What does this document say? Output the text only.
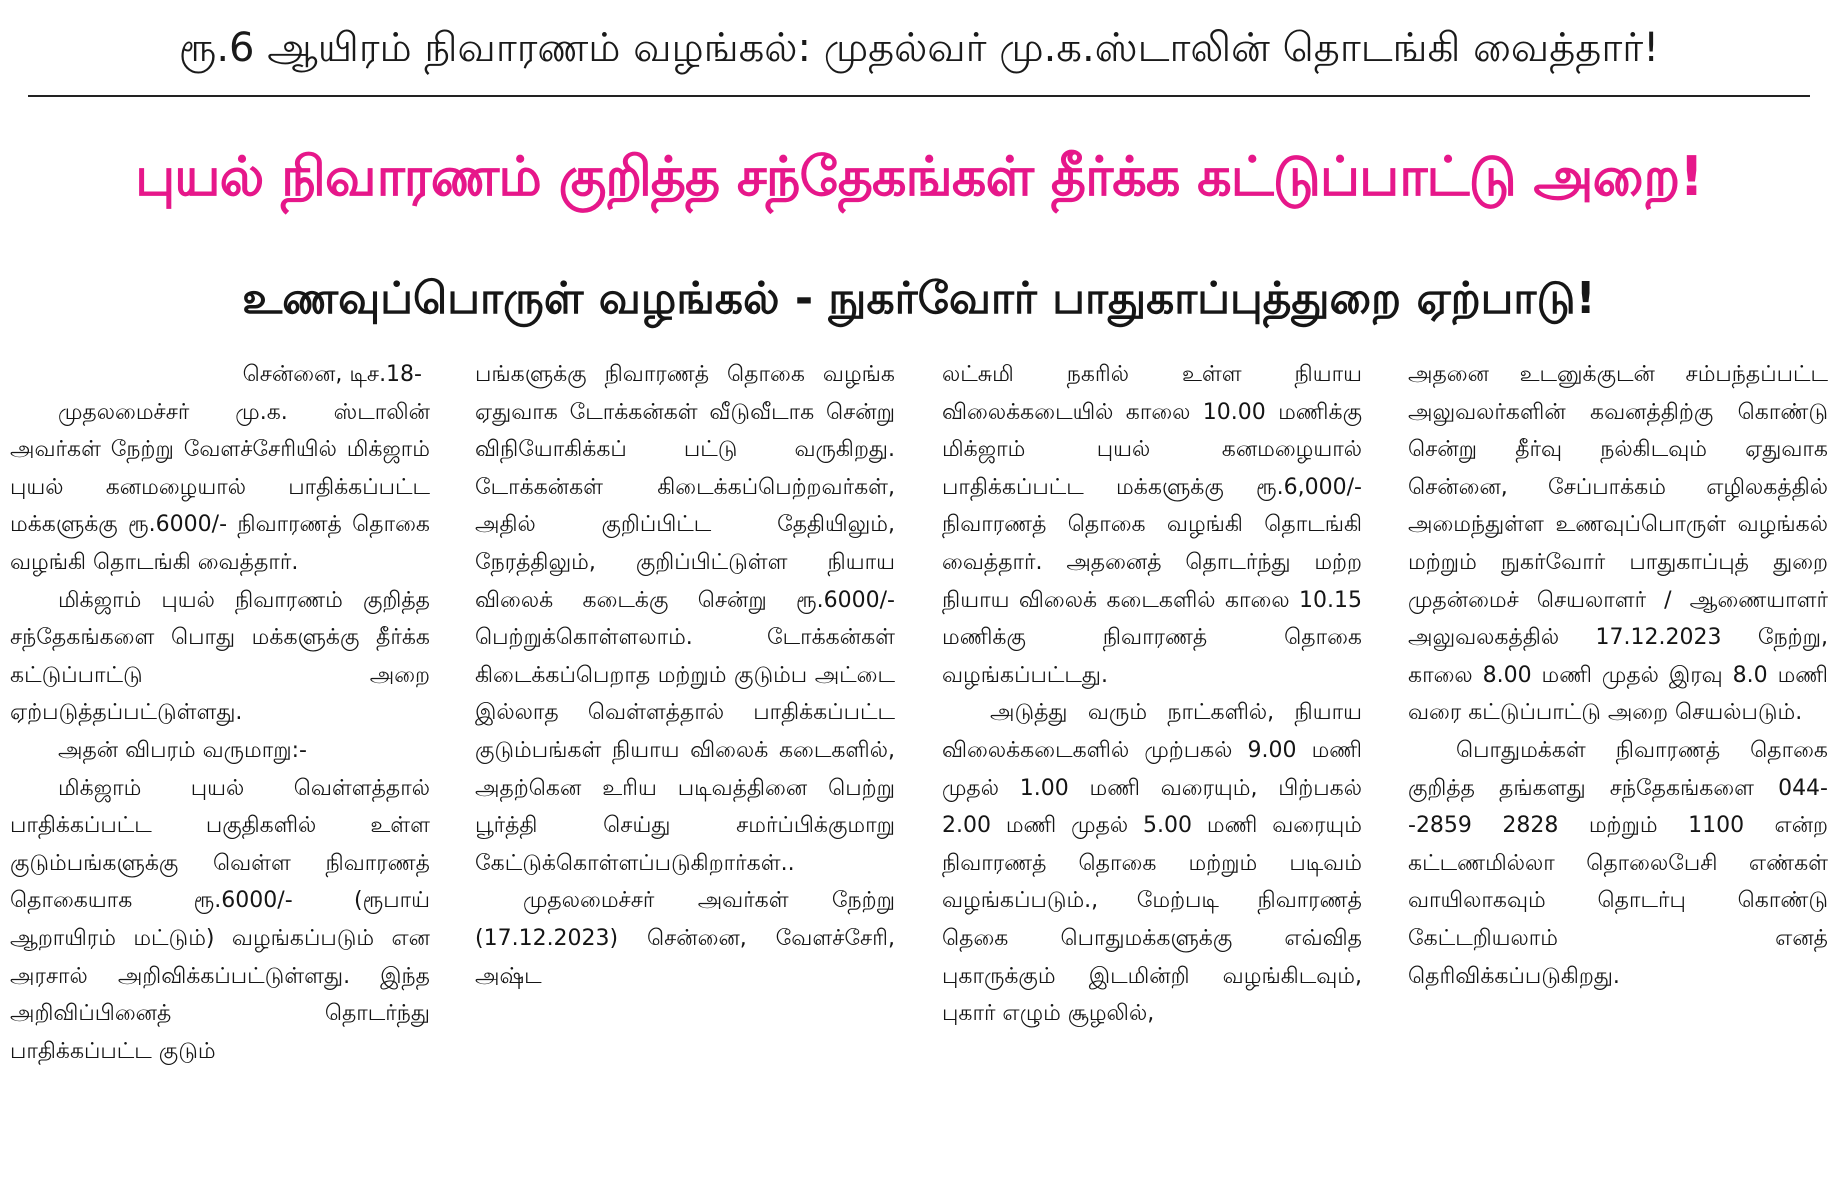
ரூ.6 ஆயிரம் நிவாரணம் வழங்கல்: முதல்வர் மு.க.ஸ்டாலின் தொடங்கி வைத்தார்!
புயல் நிவாரணம் குறித்த சந்தேகங்கள் தீர்க்க கட்டுப்பாட்டு அறை!
உணவுப்பொருள் வழங்கல் - நுகர்வோர் பாதுகாப்புத்துறை ஏற்பாடு!

சென்னை, டிச.18-

முதலமைச்சர் மு.க. ஸ்டாலின் அவர்கள் நேற்று வேளச்சேரியில் மிக்ஜாம் புயல் கனமழையால் பாதிக்கப்பட்ட மக்களுக்கு ரூ.6000/- நிவாரணத் தொகை வழங்கி தொடங்கி வைத்தார்.

மிக்ஜாம் புயல் நிவாரணம் குறித்த சந்தேகங்களை பொது மக்களுக்கு தீர்க்க கட்டுப்பாட்டு அறை ஏற்படுத்தப்பட்டுள்ளது.

அதன் விபரம் வருமாறு:-

மிக்ஜாம் புயல் வெள்ளத்தால் பாதிக்கப்பட்ட பகுதிகளில் உள்ள குடும்பங்களுக்கு வெள்ள நிவாரணத் தொகையாக ரூ.6000/- (ரூபாய் ஆறாயிரம் மட்டும்) வழங்கப்படும் என அரசால் அறிவிக்கப்பட்டுள்ளது. இந்த அறிவிப்பினைத் தொடர்ந்து பாதிக்கப்பட்ட குடும்

பங்களுக்கு நிவாரணத் தொகை வழங்க ஏதுவாக டோக்கன்கள் வீடுவீடாக சென்று விநியோகிக்கப் பட்டு வருகிறது. டோக்கன்கள் கிடைக்கப்பெற்றவர்கள், அதில் குறிப்பிட்ட தேதியிலும், நேரத்திலும், குறிப்பிட்டுள்ள நியாய விலைக் கடைக்கு சென்று ரூ.6000/- பெற்றுக்கொள்ளலாம். டோக்கன்கள் கிடைக்கப்பெறாத மற்றும் குடும்ப அட்டை இல்லாத வெள்ளத்தால் பாதிக்கப்பட்ட குடும்பங்கள் நியாய விலைக் கடைகளில், அதற்கென உரிய படிவத்தினை பெற்று பூர்த்தி செய்து சமர்ப்பிக்குமாறு கேட்டுக்கொள்ளப்படுகிறார்கள்..

முதலமைச்சர் அவர்கள் நேற்று (17.12.2023) சென்னை, வேளச்சேரி, அஷ்ட

லட்சுமி நகரில் உள்ள நியாய விலைக்கடையில் காலை 10.00 மணிக்கு மிக்ஜாம் புயல் கனமழையால் பாதிக்கப்பட்ட மக்களுக்கு ரூ.6,000/- நிவாரணத் தொகை வழங்கி தொடங்கி வைத்தார். அதனைத் தொடர்ந்து மற்ற நியாய விலைக் கடைகளில் காலை 10.15 மணிக்கு நிவாரணத் தொகை வழங்கப்பட்டது.

அடுத்து வரும் நாட்களில், நியாய விலைக்கடைகளில் முற்பகல் 9.00 மணி முதல் 1.00 மணி வரையும், பிற்பகல் 2.00 மணி முதல் 5.00 மணி வரையும் நிவாரணத் தொகை மற்றும் படிவம் வழங்கப்படும்., மேற்படி நிவாரணத் தெகை பொதுமக்களுக்கு எவ்வித புகாருக்கும் இடமின்றி வழங்கிடவும், புகார் எழும் சூழலில்,

அதனை உடனுக்குடன் சம்பந்தப்பட்ட அலுவலர்களின் கவனத்திற்கு கொண்டு சென்று தீர்வு நல்கிடவும் ஏதுவாக சென்னை, சேப்பாக்கம் எழிலகத்தில் அமைந்துள்ள உணவுப்பொருள் வழங்கல் மற்றும் நுகர்வோர் பாதுகாப்புத் துறை முதன்மைச் செயலாளர் / ஆணையாளர் அலுவலகத்தில் 17.12.2023 நேற்று, காலை 8.00 மணி முதல் இரவு 8.0 மணி வரை கட்டுப்பாட்டு அறை செயல்படும்.

பொதுமக்கள் நிவாரணத் தொகை குறித்த தங்களது சந்தேகங்களை 044--2859 2828 மற்றும் 1100 என்ற கட்டணமில்லா தொலைபேசி எண்கள் வாயிலாகவும் தொடர்பு கொண்டு கேட்டறியலாம் எனத் தெரிவிக்கப்படுகிறது.
